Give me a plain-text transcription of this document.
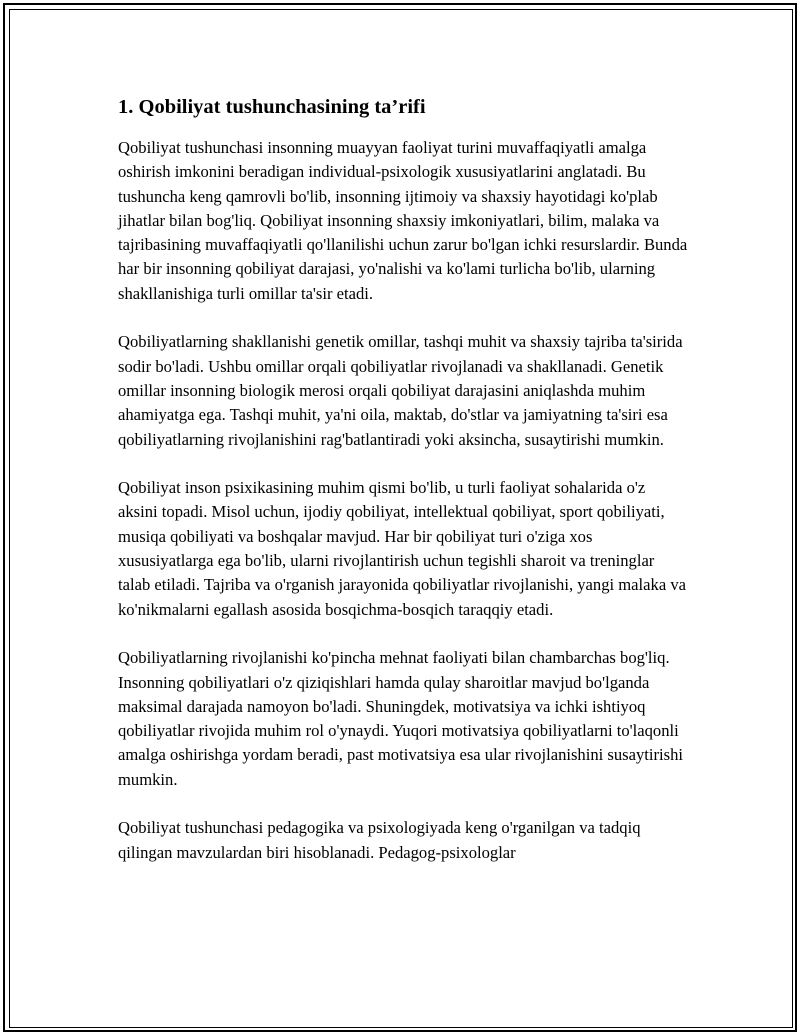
1. Qobiliyat tushunchasining ta’rifi

Qobiliyat tushunchasi insonning muayyan faoliyat turini muvaffaqiyatli amalga oshirish imkonini beradigan individual-psixologik xususiyatlarini anglatadi. Bu tushuncha keng qamrovli bo'lib, insonning ijtimoiy va shaxsiy hayotidagi ko'plab jihatlar bilan bog'liq. Qobiliyat insonning shaxsiy imkoniyatlari, bilim, malaka va tajribasining muvaffaqiyatli qo'llanilishi uchun zarur bo'lgan ichki resurslardir. Bunda har bir insonning qobiliyat darajasi, yo'nalishi va ko'lami turlicha bo'lib, ularning shakllanishiga turli omillar ta'sir etadi.

Qobiliyatlarning shakllanishi genetik omillar, tashqi muhit va shaxsiy tajriba ta'sirida sodir bo'ladi. Ushbu omillar orqali qobiliyatlar rivojlanadi va shakllanadi. Genetik omillar insonning biologik merosi orqali qobiliyat darajasini aniqlashda muhim ahamiyatga ega. Tashqi muhit, ya'ni oila, maktab, do'stlar va jamiyatning ta'siri esa qobiliyatlarning rivojlanishini rag'batlantiradi yoki aksincha, susaytirishi mumkin.

Qobiliyat inson psixikasining muhim qismi bo'lib, u turli faoliyat sohalarida o'z aksini topadi. Misol uchun, ijodiy qobiliyat, intellektual qobiliyat, sport qobiliyati, musiqa qobiliyati va boshqalar mavjud. Har bir qobiliyat turi o'ziga xos xususiyatlarga ega bo'lib, ularni rivojlantirish uchun tegishli sharoit va treninglar talab etiladi. Tajriba va o'rganish jarayonida qobiliyatlar rivojlanishi, yangi malaka va ko'nikmalarni egallash asosida bosqichma-bosqich taraqqiy etadi.

Qobiliyatlarning rivojlanishi ko'pincha mehnat faoliyati bilan chambarchas bog'liq. Insonning qobiliyatlari o'z qiziqishlari hamda qulay sharoitlar mavjud bo'lganda maksimal darajada namoyon bo'ladi. Shuningdek, motivatsiya va ichki ishtiyoq qobiliyatlar rivojida muhim rol o'ynaydi. Yuqori motivatsiya qobiliyatlarni to'laqonli amalga oshirishga yordam beradi, past motivatsiya esa ular rivojlanishini susaytirishi mumkin.

Qobiliyat tushunchasi pedagogika va psixologiyada keng o'rganilgan va tadqiq qilingan mavzulardan biri hisoblanadi. Pedagog-psixologlar
